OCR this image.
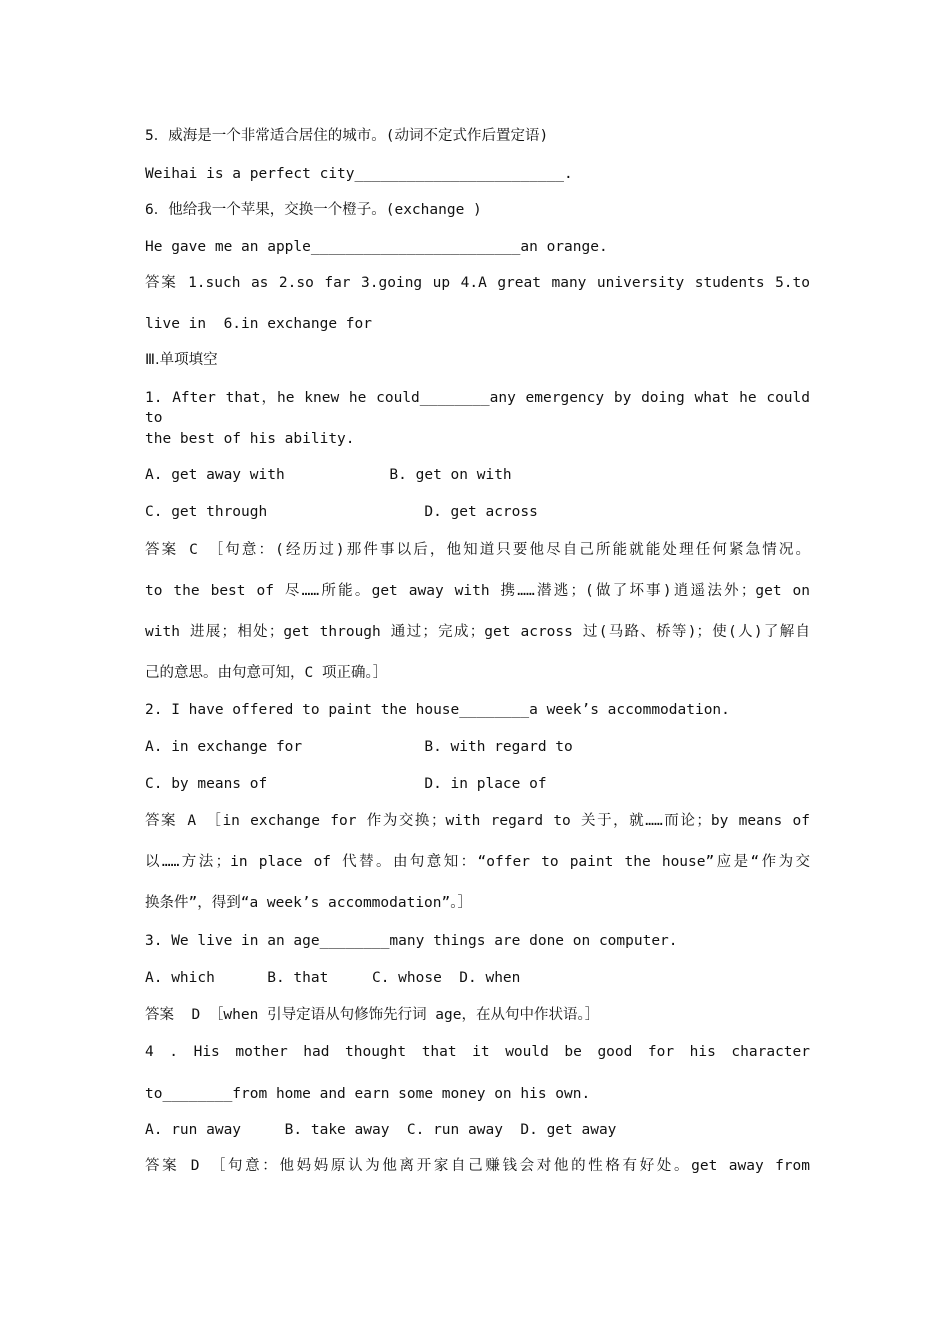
5．威海是一个非常适合居住的城市。(动词不定式作后置定语)
Weihai is a perfect city________________________.
6．他给我一个苹果，交换一个橙子。(exchange )
He gave me an apple________________________an orange.
答案 1.such as 2.so far 3.going up 4.A great many university students 5.to
live in  6.in exchange for
Ⅲ.单项填空
1. After that，he knew he could________any emergency by doing what he could to
the best of his ability.
A. get away with            B. get on with
C. get through                  D. get across
答案 C ［句意：(经历过)那件事以后，他知道只要他尽自己所能就能处理任何紧急情况。
to the best of 尽……所能。get away with 携……潜逃；(做了坏事)逍遥法外；get on
with 进展；相处；get through 通过；完成；get across 过(马路、桥等)；使(人)了解自
己的意思。由句意可知，C 项正确。］
2. I have offered to paint the house________a week’s accommodation.
A. in exchange for              B. with regard to
C. by means of                  D. in place of
答案 A ［in exchange for 作为交换；with regard to 关于，就……而论；by means of
以……方法；in place of 代替。由句意知：“offer to paint the house”应是“作为交
换条件”，得到“a week’s accommodation”。］
3. We live in an age________many things are done on computer.
A. which      B. that     C. whose  D. when
答案  D ［when 引导定语从句修饰先行词 age，在从句中作状语。］
4 . His mother had thought that it would be good for his character
to________from home and earn some money on his own.
A. run away     B. take away  C. run away  D. get away
答案 D ［句意：他妈妈原认为他离开家自己赚钱会对他的性格有好处。get away from
